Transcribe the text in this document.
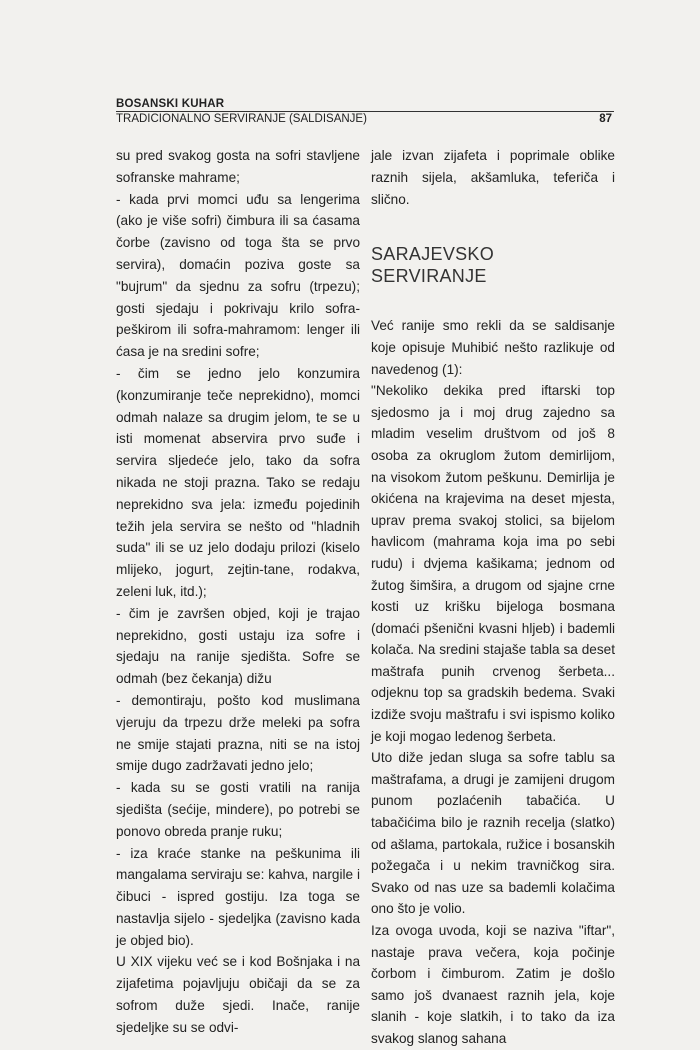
BOSANSKI KUHAR
TRADICIONALNO SERVIRANJE (SALDISANJE)	87

su pred svakog gosta na sofri stavljene sofranske mahrame;

- kada prvi momci uđu sa lengerima (ako je više sofri) čimbura ili sa ćasama čorbe (zavisno od toga šta se prvo servira), domaćin poziva goste sa "bujrum" da sjednu za sofru (trpezu); gosti sjedaju i pokrivaju krilo sofra-peškirom ili sofra-mahramom: lenger ili ćasa je na sredini sofre;

- čim se jedno jelo konzumira (konzumiranje teče neprekidno), momci odmah nalaze sa drugim jelom, te se u isti momenat abservira prvo suđe i servira sljedeće jelo, tako da sofra nikada ne stoji prazna. Tako se redaju neprekidno sva jela: između pojedinih težih jela servira se nešto od "hladnih suda" ili se uz jelo dodaju prilozi (kiselo mlijeko, jogurt, zejtin-tane, rodakva, zeleni luk, itd.);

- čim je završen objed, koji je trajao neprekidno, gosti ustaju iza sofre i sjedaju na ranije sjedišta. Sofre se odmah (bez čekanja) dižu

- demontiraju, pošto kod muslimana vjeruju da trpezu drže meleki pa sofra ne smije stajati prazna, niti se na istoj smije dugo zadržavati jedno jelo;

- kada su se gosti vratili na ranija sjedišta (sećije, mindere), po potrebi se ponovo obreda pranje ruku;

- iza kraće stanke na peškunima ili mangalama serviraju se: kahva, nargile i čibuci - ispred gostiju. Iza toga se nastavlja sijelo - sjedeljka (zavisno kada je objed bio).

U XIX vijeku već se i kod Bošnjaka i na zijafetima pojavljuju običaji da se za sofrom duže sjedi. Inače, ranije sjedeljke su se odvi-

jale izvan zijafeta i poprimale oblike raznih sijela, akšamluka, teferiča i slično.

SARAJEVSKO SERVIRANJE

Već ranije smo rekli da se saldisanje koje opisuje Muhibić nešto razlikuje od navedenog (1):

"Nekoliko dekika pred iftarski top sjedosmo ja i moj drug zajedno sa mladim veselim društvom od još 8 osoba za okruglom žutom demirlijom, na visokom žutom peškunu. Demirlija je okićena na krajevima na deset mjesta, uprav prema svakoj stolici, sa bijelom havlicom (mahrama koja ima po sebi rudu) i dvjema kašikama; jednom od žutog šimšira, a drugom od sjajne crne kosti uz krišku bijeloga bosmana (domaći pšenični kvasni hljeb) i bademli kolača. Na sredini stajaše tabla sa deset maštrafa punih crvenog šerbeta... odjeknu top sa gradskih bedema. Svaki izdiže svoju maštrafu i svi ispismo koliko je koji mogao ledenog šerbeta.

Uto diže jedan sluga sa sofre tablu sa maštrafama, a drugi je zamijeni drugom punom pozlaćenih tabačića. U tabačićima bilo je raznih recelja (slatko) od ašlama, partokala, ružice i bosanskih požegača i u nekim travničkog sira. Svako od nas uze sa bademli kolačima ono što je volio.

Iza ovoga uvoda, koji se naziva "iftar", nastaje prava večera, koja počinje čorbom i čimburom. Zatim je došlo samo još dvanaest raznih jela, koje slanih - koje slatkih, i to tako da iza svakog slanog sahana
